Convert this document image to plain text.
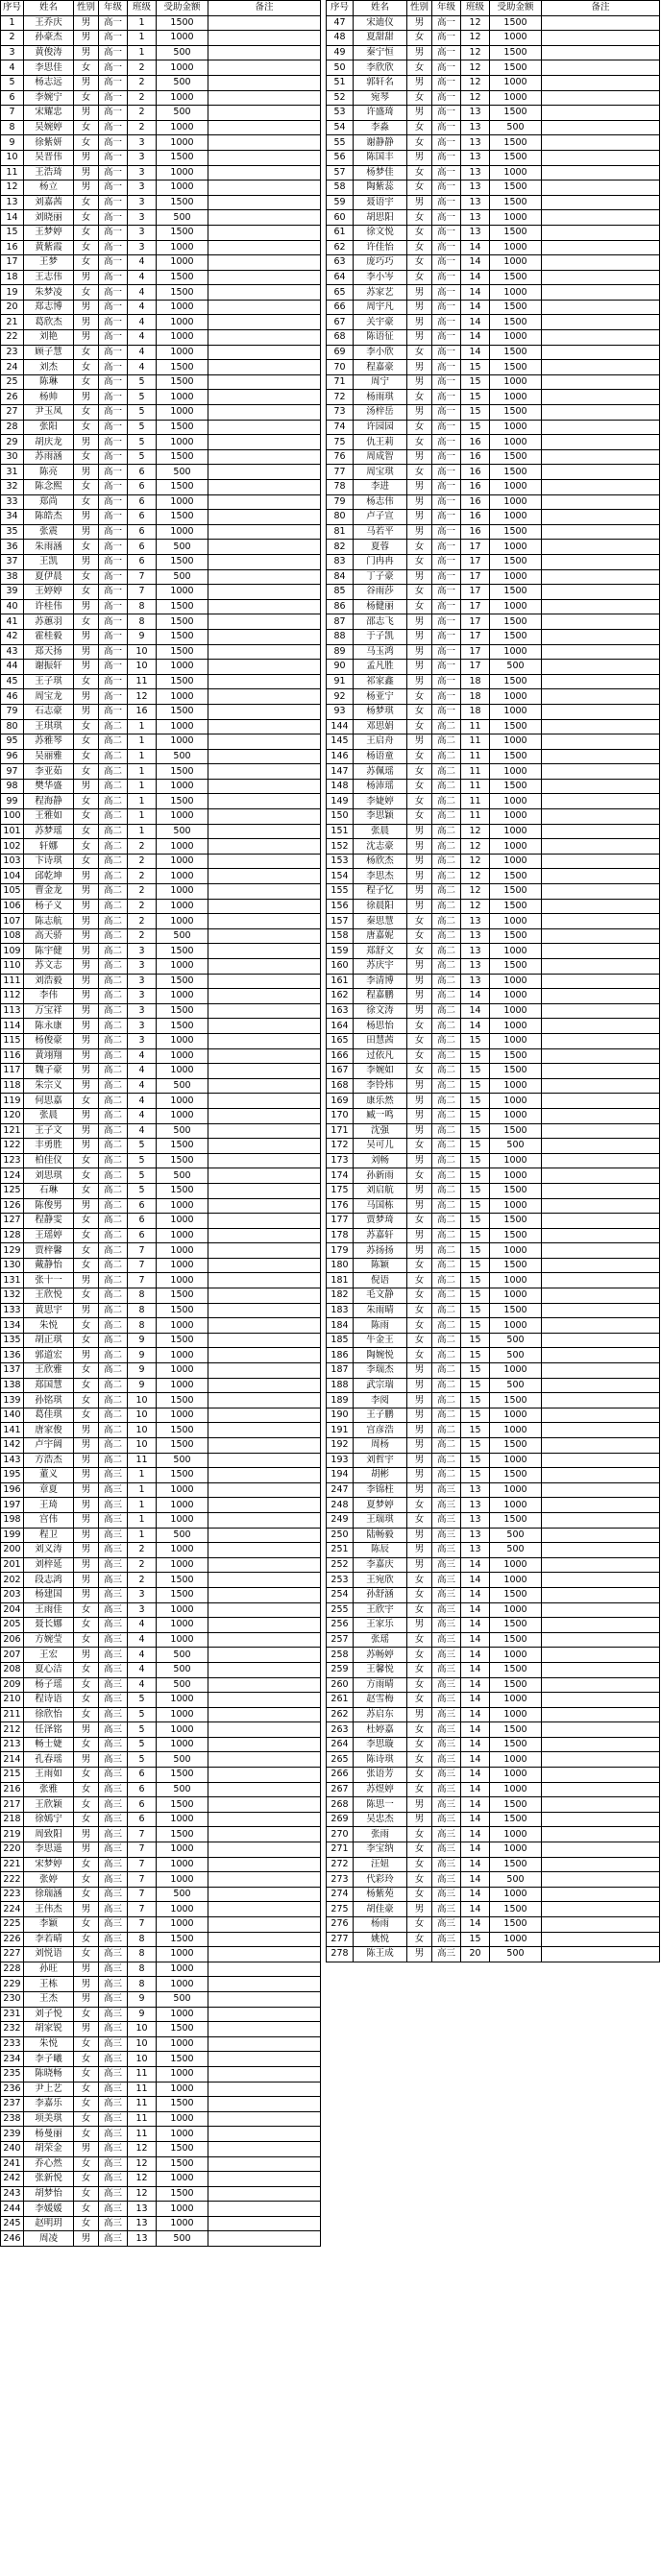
序号	姓名	性别	年级	班级	受助金额	备注
1	王乔庆	男	高一	1	1500	
2	孙豪杰	男	高一	1	1000	
3	黄俊涛	男	高一	1	500	
4	李思佳	女	高一	2	1000	
5	杨志远	男	高一	2	500	
6	李婉宁	女	高一	2	1000	
7	宋耀忠	男	高一	2	500	
8	吴婉婷	女	高一	2	1000	
9	徐紫妍	女	高一	3	1000	
10	吴晋伟	男	高一	3	1500	
11	王浩琦	男	高一	3	1000	
12	杨立	男	高一	3	1000	
13	刘嘉茜	女	高一	3	1500	
14	刘晓丽	女	高一	3	500	
15	王梦婷	女	高一	3	1500	
16	黄紫霞	女	高一	3	1000	
17	王梦	女	高一	4	1000	
18	王志伟	男	高一	4	1500	
19	朱梦凌	女	高一	4	1500	
20	郑志博	男	高一	4	1000	
21	葛欣杰	男	高一	4	1000	
22	刘艳	男	高一	4	1000	
23	顾子慧	女	高一	4	1000	
24	刘杰	女	高一	4	1500	
25	陈琳	女	高一	5	1500	
26	杨帅	男	高一	5	1000	
27	尹玉凤	女	高一	5	1000	
28	张阳	女	高一	5	1500	
29	胡庆龙	男	高一	5	1000	
30	苏雨涵	女	高一	5	1500	
31	陈亮	男	高一	6	500	
32	陈念熙	女	高一	6	1500	
33	郑尚	女	高一	6	1000	
34	陈皓杰	男	高一	6	1500	
35	张震	男	高一	6	1000	
36	朱雨涵	女	高一	6	500	
37	王凯	男	高一	6	1500	
38	夏伊晨	女	高一	7	500	
39	王婷婷	女	高一	7	1000	
40	许桂伟	男	高一	8	1500	
41	苏蕙羽	女	高一	8	1500	
42	霍桂毅	男	高一	9	1500	
43	郑天扬	男	高一	10	1500	
44	谢振轩	男	高一	10	1000	
45	王子琪	女	高一	11	1500	
46	周宝龙	男	高一	12	1000	
79	石志豪	男	高一	16	1500	
80	王琪琪	女	高二	1	1000	
95	苏雅琴	女	高二	1	1000	
96	吴丽雅	女	高二	1	500	
97	李亚茹	女	高二	1	1500	
98	樊华盛	男	高二	1	1000	
99	程海静	女	高二	1	1500	
100	王雅如	女	高二	1	1000	
101	苏梦瑶	女	高二	1	500	
102	轩娜	女	高二	2	1000	
103	卞诗琪	女	高二	2	1000	
104	邱乾坤	男	高二	2	1000	
105	曹金龙	男	高二	2	1000	
106	杨子义	男	高二	2	1000	
107	陈志航	男	高二	2	1000	
108	高天骄	男	高二	2	500	
109	陈宇健	男	高二	3	1500	
110	苏文志	男	高二	3	1000	
111	刘浩毅	男	高二	3	1500	
112	李伟	男	高二	3	1000	
113	万宝祥	男	高二	3	1500	
114	陈永康	男	高二	3	1500	
115	杨俊豪	男	高二	3	1000	
116	黄翊翔	男	高二	4	1000	
117	魏子豪	男	高二	4	1000	
118	朱宗义	男	高二	4	500	
119	何思嘉	女	高二	4	1000	
120	张晨	男	高二	4	1000	
121	王子文	男	高二	4	500	
122	丰勇胜	男	高二	5	1500	
123	柏佳仪	女	高二	5	1500	
124	刘思琪	女	高二	5	500	
125	石琳	女	高二	5	1500	
126	陈俊男	男	高二	6	1000	
127	程静雯	女	高二	6	1000	
128	王瑶婷	女	高二	6	1000	
129	贾梓馨	女	高二	7	1000	
130	戴静怡	女	高二	7	1000	
131	张十一	男	高二	7	1000	
132	王欣悦	女	高二	8	1500	
133	黄思宇	男	高二	8	1500	
134	朱悦	女	高二	8	1000	
135	胡正琪	女	高二	9	1500	
136	郭道宏	男	高二	9	1000	
137	王欣雅	女	高二	9	1000	
138	郑国慧	女	高二	9	1000	
139	孙铭琪	女	高二	10	1500	
140	葛佳琪	女	高二	10	1000	
141	唐家俊	男	高二	10	1500	
142	卢宇阔	男	高二	10	1500	
143	方浩杰	男	高二	11	500	
195	董义	男	高三	1	1500	
196	章夏	男	高三	1	1000	
197	王琦	男	高三	1	1000	
198	宫伟	男	高三	1	1000	
199	程卫	男	高三	1	500	
200	刘义涛	男	高三	2	1000	
201	刘梓延	男	高三	2	1000	
202	段志鸿	男	高三	2	1500	
203	杨建国	男	高三	3	1500	
204	王雨佳	女	高三	3	1000	
205	聂长娜	女	高三	4	1000	
206	方婉莹	女	高三	4	1000	
207	王宏	男	高三	4	500	
208	夏心洁	女	高三	4	500	
209	杨子瑶	女	高三	4	500	
210	程诗语	女	高三	5	1000	
211	徐欣怡	女	高三	5	1000	
212	任泽铭	男	高三	5	1000	
213	畅士婕	女	高三	5	1000	
214	孔春瑶	男	高三	5	500	
215	王雨如	女	高三	6	1500	
216	张雅	女	高三	6	500	
217	王欣颖	女	高三	6	1500	
218	徐嫣宁	女	高三	6	1000	
219	周致阳	男	高三	7	1500	
220	李思遥	男	高三	7	1000	
221	宋梦婷	女	高三	7	1000	
222	张婷	女	高三	7	1000	
223	徐瑞涵	女	高三	7	500	
224	王伟杰	男	高三	7	1000	
225	李颖	女	高三	7	1000	
226	李若晴	女	高三	8	1500	
227	刘悦语	女	高三	8	1000	
228	孙旺	男	高三	8	1000	
229	王栋	男	高三	8	1000	
230	王杰	男	高三	9	500	
231	刘子悦	女	高三	9	1000	
232	胡家锐	男	高三	10	1500	
233	朱悦	女	高三	10	1000	
234	李子曦	女	高三	10	1500	
235	陈晓畅	女	高三	11	1000	
236	尹上艺	女	高三	11	1000	
237	李嘉乐	女	高三	11	1500	
238	项美琪	女	高三	11	1000	
239	杨曼丽	女	高三	11	1000	
240	胡荣金	男	高三	12	1500	
241	乔心然	女	高三	12	1500	
242	张新悦	女	高三	12	1000	
243	胡梦怡	女	高三	12	1500	
244	李媛媛	女	高三	13	1000	
245	赵明玥	女	高三	13	1000	
246	周凌	男	高三	13	500	
序号	姓名	性别	年级	班级	受助金额	备注
47	宋迪仪	男	高一	12	1500	
48	夏甜甜	女	高一	12	1000	
49	秦宁恒	男	高一	12	1500	
50	李欣欣	女	高一	12	1500	
51	郭轩名	男	高一	12	1000	
52	宛琴	女	高一	12	1000	
53	许盛琦	男	高一	13	1500	
54	李淼	女	高一	13	500	
55	谢静静	女	高一	13	1500	
56	陈国丰	男	高一	13	1500	
57	杨梦佳	女	高一	13	1000	
58	陶紫蕊	女	高一	13	1500	
59	聂语宇	男	高一	13	1500	
60	胡思阳	女	高一	13	1000	
61	徐文悦	女	高一	13	1500	
62	许佳怡	女	高一	14	1000	
63	庞巧巧	女	高一	14	1000	
64	李小岑	女	高一	14	1500	
65	苏家艺	男	高一	14	1000	
66	周宇凡	男	高一	14	1500	
67	关宇豪	男	高一	14	1500	
68	陈语征	男	高一	14	1000	
69	李小欣	女	高一	14	1500	
70	程嘉豪	男	高一	15	1500	
71	周宁	男	高一	15	1000	
72	杨雨琪	女	高一	15	1000	
73	汤梓岳	男	高一	15	1500	
74	许园园	女	高一	15	1000	
75	仇王莉	女	高一	16	1000	
76	周成智	男	高一	16	1500	
77	周宝琪	女	高一	16	1500	
78	李进	男	高一	16	1000	
79	杨志伟	男	高一	16	1000	
80	卢子宣	男	高一	16	1000	
81	马若平	男	高一	16	1500	
82	夏蓉	女	高一	17	1000	
83	门冉冉	女	高一	17	1500	
84	丁子豪	男	高一	17	1000	
85	谷雨莎	女	高一	17	1500	
86	杨健丽	女	高一	17	1000	
87	邵志飞	男	高一	17	1500	
88	于子凯	男	高一	17	1500	
89	马玉鸿	男	高一	17	1000	
90	孟凡胜	男	高一	17	500	
91	祁家鑫	男	高一	18	1500	
92	杨亚宁	女	高一	18	1000	
93	杨梦琪	女	高一	18	1000	
144	邓思娟	女	高二	11	1500	
145	王启舟	男	高二	11	1000	
146	杨语童	女	高二	11	1500	
147	苏佩瑶	女	高二	11	1000	
148	杨沛瑶	女	高二	11	1500	
149	李婕婷	女	高二	11	1000	
150	李思颖	女	高二	11	1000	
151	张晨	男	高二	12	1000	
152	沈志豪	男	高二	12	1000	
153	杨欣杰	男	高二	12	1000	
154	李思杰	男	高二	12	1500	
155	程子忆	男	高二	12	1500	
156	徐晨阳	男	高二	12	1500	
157	秦思慧	女	高二	13	1000	
158	唐嘉妮	女	高二	13	1500	
159	郑舒文	女	高二	13	1000	
160	苏庆宇	男	高二	13	1500	
161	李清博	男	高二	13	1000	
162	程嘉鹏	男	高二	14	1000	
163	徐文涛	男	高二	14	1000	
164	杨思怡	女	高二	14	1000	
165	田慧茜	女	高二	15	1000	
166	过依凡	女	高二	15	1500	
167	李婉如	女	高二	15	1500	
168	李铃炜	男	高二	15	1000	
169	康乐然	男	高二	15	1000	
170	臧一鸣	男	高二	15	1000	
171	沈强	男	高二	15	1500	
172	吴可儿	女	高二	15	500	
173	刘畅	男	高二	15	1000	
174	孙新雨	女	高二	15	1000	
175	刘启航	男	高二	15	1500	
176	马国栋	男	高二	15	1000	
177	贾梦琦	女	高二	15	1500	
178	苏嘉轩	男	高二	15	1500	
179	苏扬扬	男	高二	15	1000	
180	陈颖	女	高二	15	1500	
181	倪语	女	高二	15	1000	
182	毛文静	女	高二	15	1000	
183	朱雨晴	女	高二	15	1500	
184	陈雨	女	高二	15	1000	
185	牛金王	女	高二	15	500	
186	陶婉悦	女	高二	15	500	
187	李瑞杰	男	高二	15	1000	
188	武宗瑞	男	高二	15	500	
189	李阅	男	高二	15	1500	
190	王子鹏	男	高二	15	1000	
191	宫彦浩	男	高二	15	1000	
192	周杨	男	高二	15	1500	
193	刘哲宇	男	高二	15	1000	
194	胡彬	男	高二	15	1500	
247	李锦柱	男	高三	13	1000	
248	夏梦婷	女	高三	13	1000	
249	王瑞琪	女	高三	13	1500	
250	陆畅毅	男	高三	13	500	
251	陈辰	男	高三	13	500	
252	李嘉庆	男	高三	14	1000	
253	王宛欣	女	高三	14	1000	
254	孙舒涵	女	高三	14	1500	
255	王欣宇	女	高三	14	1000	
256	王家乐	男	高三	14	1500	
257	张瑶	女	高三	14	1500	
258	苏畅婷	女	高三	14	1000	
259	王馨悦	女	高三	14	1500	
260	方雨晴	女	高三	14	1500	
261	赵雪梅	女	高三	14	1000	
262	苏启东	男	高三	14	1000	
263	杜婷嘉	女	高三	14	1500	
264	李思璇	女	高三	14	1500	
265	陈诗琪	女	高三	14	1000	
266	张语芳	女	高三	14	1000	
267	苏煜婷	女	高三	14	1000	
268	陈思一	男	高三	14	1500	
269	吴忠杰	男	高三	14	1500	
270	张雨	女	高三	14	1000	
271	李宝纳	女	高三	14	1000	
272	汪妞	女	高三	14	1500	
273	代彩玲	女	高三	14	500	
274	杨紫苑	女	高三	14	1000	
275	胡佳豪	男	高三	14	1500	
276	杨雨	女	高三	14	1500	
277	姚悦	女	高三	15	1000	
278	陈王成	男	高三	20	500	
